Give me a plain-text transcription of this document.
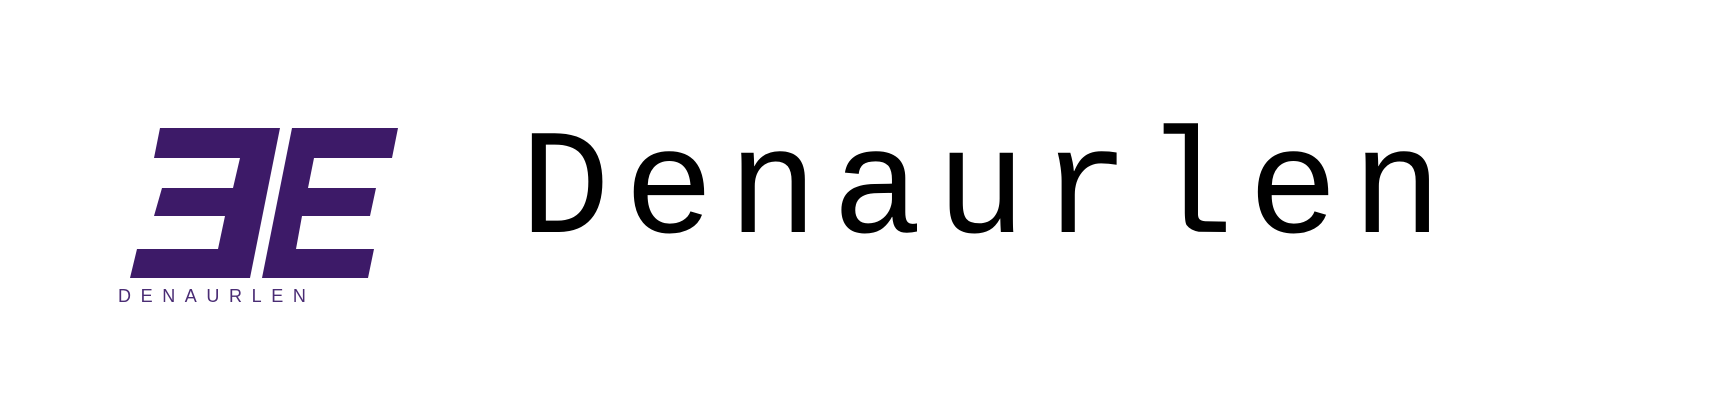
DENAURLEN
Denaurlen
